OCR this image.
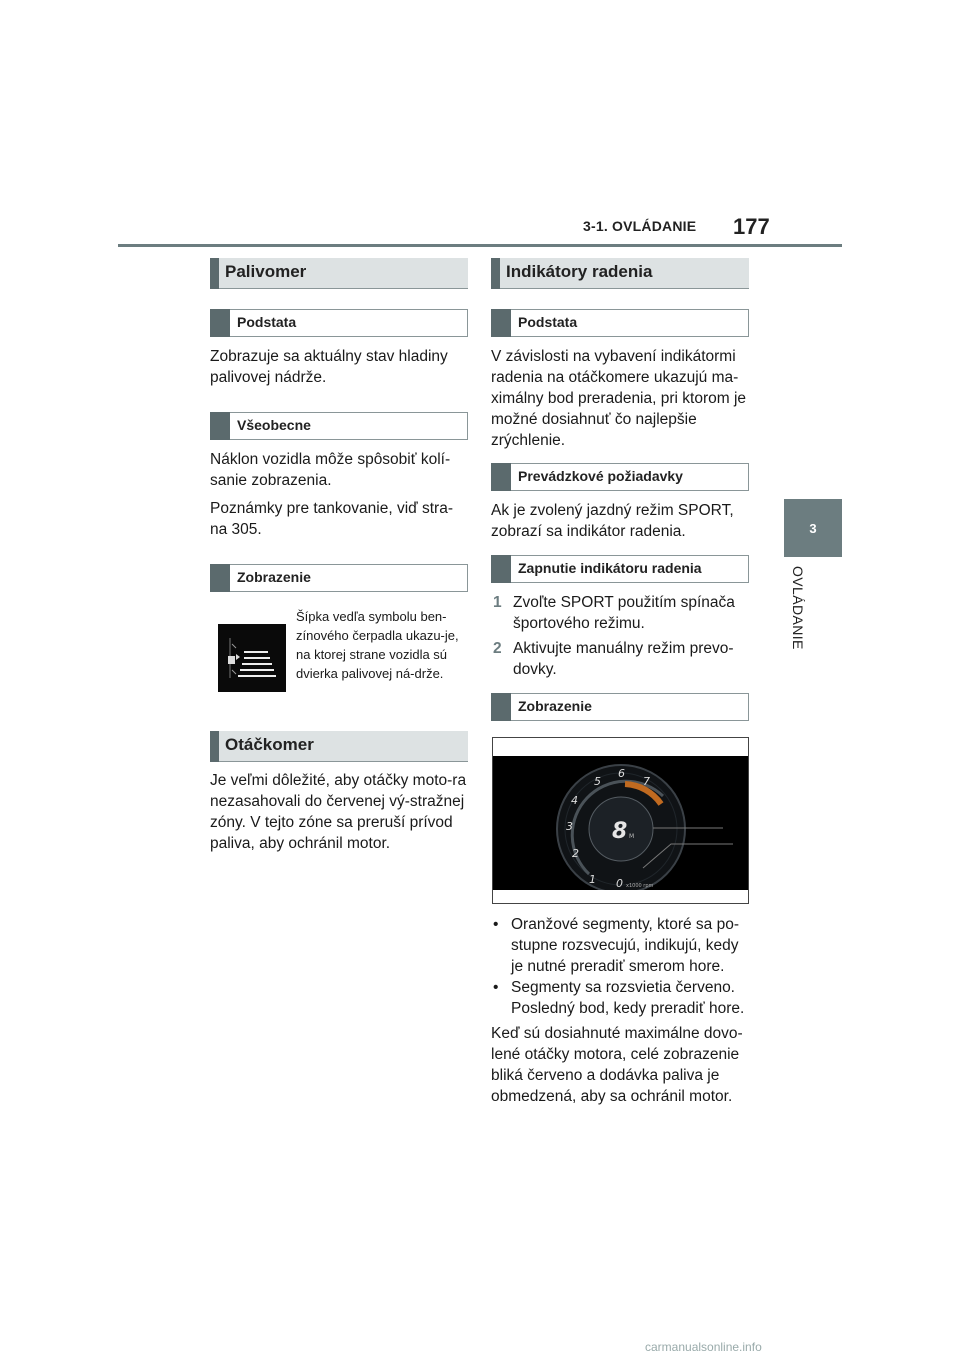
3-1. OVLÁDANIE 177
3
OVLÁDANIE
Palivomer
Podstata

Zobrazuje sa aktuálny stav hladiny palivovej nádrže.

Všeobecne

Náklon vozidla môže spôsobiť kolí-sanie zobrazenia.

Poznámky pre tankovanie, viď stra-na 305.

Zobrazenie

Šípka vedľa symbolu ben-zínového čerpadla ukazu-je, na ktorej strane vozidla sú dvierka palivovej ná-drže.

Otáčkomer

Je veľmi dôležité, aby otáčky moto-ra nezasahovali do červenej vý-stražnej zóny. V tejto zóne sa preruší prívod paliva, aby ochránil motor.

Indikátory radenia
Podstata

V závislosti na vybavení indikátormi radenia na otáčkomere ukazujú ma-ximálny bod preradenia, pri ktorom je možné dosiahnuť čo najlepšie zrýchlenie.

Prevádzkové požiadavky

Ak je zvolený jazdný režim SPORT, zobrazí sa indikátor radenia.

Zapnutie indikátoru radenia
1 Zvoľte SPORT použitím spínača športového režimu.
2 Aktivujte manuálny režim prevo-dovky.
Zobrazenie
1
2
3
4
5
6
7
0 x1000 rpm
8 M
• Oranžové segmenty, ktoré sa po-stupne rozsvecujú, indikujú, kedy je nutné preradiť smerom hore.
• Segmenty sa rozsvietia červeno. Posledný bod, kedy preradiť hore.

Keď sú dosiahnuté maximálne dovo-lené otáčky motora, celé zobrazenie bliká červeno a dodávka paliva je obmedzená, aby sa ochránil motor.

carmanualsonline.info
